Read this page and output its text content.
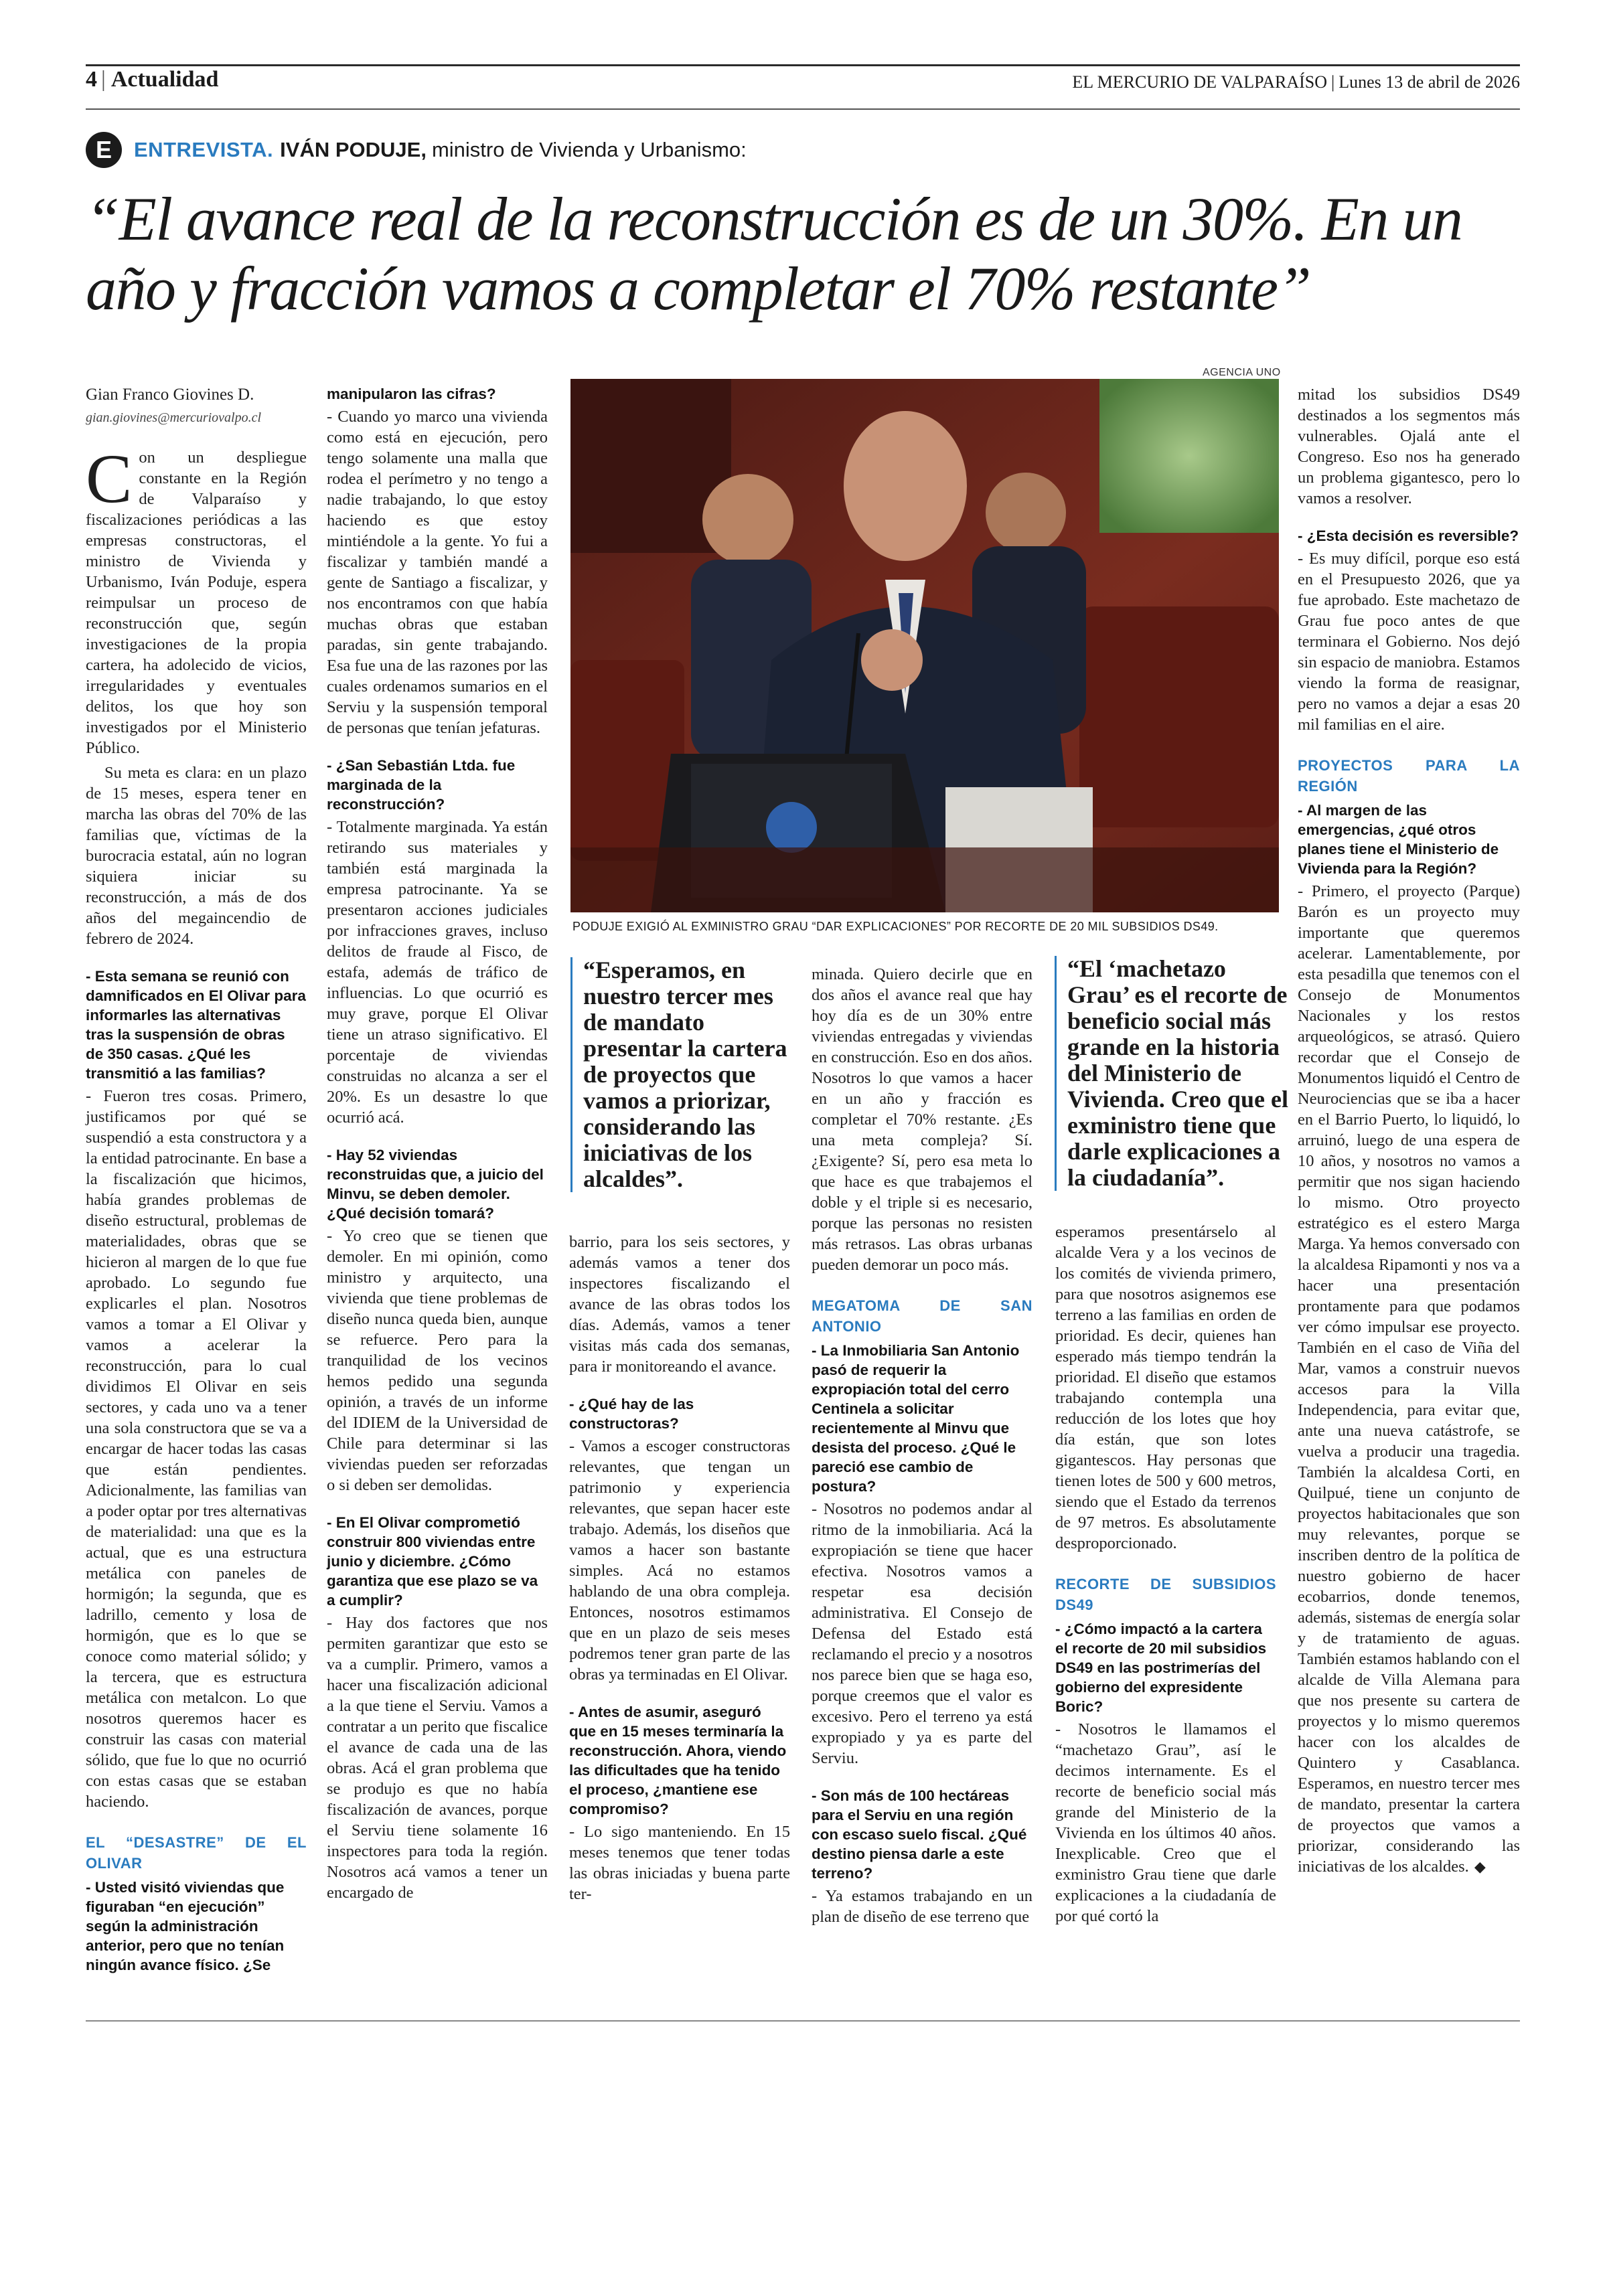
4 | Actualidad	EL MERCURIO DE VALPARAÍSO | Lunes 13 de abril de 2026
E	ENTREVISTA. IVÁN PODUJE, ministro de Vivienda y Urbanismo:
“El avance real de la reconstrucción es de un 30%. En un año y fracción vamos a completar el 70% restante”
Gian Franco Giovines D.
gian.giovines@mercuriovalpo.cl

Con un despliegue constante en la Región de Valparaíso y fiscalizaciones periódicas a las empresas constructoras, el ministro de Vivienda y Urbanismo, Iván Poduje, espera reimpulsar un proceso de reconstrucción que, según investigaciones de la propia cartera, ha adolecido de vicios, irregularidades y eventuales delitos, los que hoy son investigados por el Ministerio Público.

Su meta es clara: en un plazo de 15 meses, espera tener en marcha las obras del 70% de las familias que, víctimas de la burocracia estatal, aún no logran siquiera iniciar su reconstrucción, a más de dos años del megaincendio de febrero de 2024.

- Esta semana se reunió con damnificados en El Olivar para informarles las alternativas tras la suspensión de obras de 350 casas. ¿Qué les transmitió a las familias?

- Fueron tres cosas. Primero, justificamos por qué se suspendió a esta constructora y a la entidad patrocinante. En base a la fiscalización que hicimos, había grandes problemas de diseño estructural, problemas de materialidades, obras que se hicieron al margen de lo que fue aprobado. Lo segundo fue explicarles el plan. Nosotros vamos a tomar a El Olivar y vamos a acelerar la reconstrucción, para lo cual dividimos El Olivar en seis sectores, y cada uno va a tener una sola constructora que se va a encargar de hacer todas las casas que están pendientes. Adicionalmente, las familias van a poder optar por tres alternativas de materialidad: una que es la actual, que es una estructura metálica con paneles de hormigón; la segunda, que es ladrillo, cemento y losa de hormigón, que es lo que se conoce como material sólido; y la tercera, que es estructura metálica con metalcon. Lo que nosotros queremos hacer es construir las casas con material sólido, que fue lo que no ocurrió con estas casas que se estaban haciendo.

EL “DESASTRE” DE EL OLIVAR
- Usted visitó viviendas que figuraban “en ejecución” según la administración anterior, pero que no tenían ningún avance físico. ¿Se
manipularon las cifras?

- Cuando yo marco una vivienda como está en ejecución, pero tengo solamente una malla que rodea el perímetro y no tengo a nadie trabajando, lo que estoy haciendo es que estoy mintiéndole a la gente. Yo fui a fiscalizar y también mandé a gente de Santiago a fiscalizar, y nos encontramos con que había muchas obras que estaban paradas, sin gente trabajando. Esa fue una de las razones por las cuales ordenamos sumarios en el Serviu y la suspensión temporal de personas que tenían jefaturas.

- ¿San Sebastián Ltda. fue marginada de la reconstrucción?

- Totalmente marginada. Ya están retirando sus materiales y también está marginada la empresa patrocinante. Ya se presentaron acciones judiciales por infracciones graves, incluso delitos de fraude al Fisco, de estafa, además de tráfico de influencias. Lo que ocurrió es muy grave, porque El Olivar tiene un atraso significativo. El porcentaje de viviendas construidas no alcanza a ser el 20%. Es un desastre lo que ocurrió acá.

- Hay 52 viviendas reconstruidas que, a juicio del Minvu, se deben demoler. ¿Qué decisión tomará?

- Yo creo que se tienen que demoler. En mi opinión, como ministro y arquitecto, una vivienda que tiene problemas de diseño nunca queda bien, aunque se refuerce. Pero para la tranquilidad de los vecinos hemos pedido una segunda opinión, a través de un informe del IDIEM de la Universidad de Chile para determinar si las viviendas pueden ser reforzadas o si deben ser demolidas.

- En El Olivar comprometió construir 800 viviendas entre junio y diciembre. ¿Cómo garantiza que ese plazo se va a cumplir?

- Hay dos factores que nos permiten garantizar que esto se va a cumplir. Primero, vamos a hacer una fiscalización adicional a la que tiene el Serviu. Vamos a contratar a un perito que fiscalice el avance de cada una de las obras. Acá el gran problema que se produjo es que no había fiscalización de avances, porque el Serviu tiene solamente 16 inspectores para toda la región. Nosotros acá vamos a tener un encargado de

AGENCIA UNO
PODUJE EXIGIÓ AL EXMINISTRO GRAU “DAR EXPLICACIONES” POR RECORTE DE 20 MIL SUBSIDIOS DS49.
“Esperamos, en nuestro tercer mes de mandato presentar la cartera de proyectos que vamos a priorizar, considerando las iniciativas de los alcaldes”.
“El ‘machetazo Grau’ es el recorte de beneficio social más grande en la historia del Ministerio de Vivienda. Creo que el exministro tiene que darle explicaciones a la ciudadanía”.

barrio, para los seis sectores, y además vamos a tener dos inspectores fiscalizando el avance de las obras todos los días. Además, vamos a tener visitas más cada dos semanas, para ir monitoreando el avance.

- ¿Qué hay de las constructoras?

- Vamos a escoger constructoras relevantes, que tengan un patrimonio y experiencia relevantes, que sepan hacer este trabajo. Además, los diseños que vamos a hacer son bastante simples. Acá no estamos hablando de una obra compleja. Entonces, nosotros estimamos que en un plazo de seis meses podremos tener gran parte de las obras ya terminadas en El Olivar.

- Antes de asumir, aseguró que en 15 meses terminaría la reconstrucción. Ahora, viendo las dificultades que ha tenido el proceso, ¿mantiene ese compromiso?

- Lo sigo manteniendo. En 15 meses tenemos que tener todas las obras iniciadas y buena parte ter-

minada. Quiero decirle que en dos años el avance real que hay hoy día es de un 30% entre viviendas entregadas y viviendas en construcción. Eso en dos años. Nosotros lo que vamos a hacer en un año y fracción es completar el 70% restante. ¿Es una meta compleja? Sí. ¿Exigente? Sí, pero esa meta lo que hace es que trabajemos el doble y el triple si es necesario, porque las personas no resisten más retrasos. Las obras urbanas pueden demorar un poco más.

MEGATOMA DE SAN ANTONIO
- La Inmobiliaria San Antonio pasó de requerir la expropiación total del cerro Centinela a solicitar recientemente al Minvu que desista del proceso. ¿Qué le pareció ese cambio de postura?

- Nosotros no podemos andar al ritmo de la inmobiliaria. Acá la expropiación se tiene que hacer efectiva. Nosotros vamos a respetar esa decisión administrativa. El Consejo de Defensa del Estado está reclamando el precio y a nosotros nos parece bien que se haga eso, porque creemos que el valor es excesivo. Pero el terreno ya está expropiado y ya es parte del Serviu.

- Son más de 100 hectáreas para el Serviu en una región con escaso suelo fiscal. ¿Qué destino piensa darle a este terreno?

- Ya estamos trabajando en un plan de diseño de ese terreno que

esperamos presentárselo al alcalde Vera y a los vecinos de los comités de vivienda primero, para que nosotros asignemos ese terreno a las familias en orden de prioridad. Es decir, quienes han esperado más tiempo tendrán la prioridad. El diseño que estamos trabajando contempla una reducción de los lotes que hoy día están, que son lotes gigantescos. Hay personas que tienen lotes de 500 y 600 metros, siendo que el Estado da terrenos de 97 metros. Es absolutamente desproporcionado.

RECORTE DE SUBSIDIOS DS49
- ¿Cómo impactó a la cartera el recorte de 20 mil subsidios DS49 en las postrimerías del gobierno del expresidente Boric?

- Nosotros le llamamos el “machetazo Grau”, así le decimos internamente. Es el recorte de beneficio social más grande del Ministerio de la Vivienda en los últimos 40 años. Inexplicable. Creo que el exministro Grau tiene que darle explicaciones a la ciudadanía de por qué cortó la

mitad los subsidios DS49 destinados a los segmentos más vulnerables. Ojalá ante el Congreso. Eso nos ha generado un problema gigantesco, pero lo vamos a resolver.

- ¿Esta decisión es reversible?

- Es muy difícil, porque eso está en el Presupuesto 2026, que ya fue aprobado. Este machetazo de Grau fue poco antes de que terminara el Gobierno. Nos dejó sin espacio de maniobra. Estamos viendo la forma de reasignar, pero no vamos a dejar a esas 20 mil familias en el aire.

PROYECTOS PARA LA REGIÓN
- Al margen de las emergencias, ¿qué otros planes tiene el Ministerio de Vivienda para la Región?

- Primero, el proyecto (Parque) Barón es un proyecto muy importante que queremos acelerar. Lamentablemente, por esta pesadilla que tenemos con el Consejo de Monumentos Nacionales y los restos arqueológicos, se atrasó. Quiero recordar que el Consejo de Monumentos liquidó el Centro de Neurociencias que se iba a hacer en el Barrio Puerto, lo liquidó, lo arruinó, luego de una espera de 10 años, y nosotros no vamos a permitir que nos sigan haciendo lo mismo. Otro proyecto estratégico es el estero Marga Marga. Ya hemos conversado con la alcaldesa Ripamonti y nos va a hacer una presentación prontamente para que podamos ver cómo impulsar ese proyecto. También en el caso de Viña del Mar, vamos a construir nuevos accesos para la Villa Independencia, para evitar que, ante una nueva catástrofe, se vuelva a producir una tragedia. También la alcaldesa Corti, en Quilpué, tiene un conjunto de proyectos habitacionales que son muy relevantes, porque se inscriben dentro de la política de nuestro gobierno de hacer ecobarrios, donde tenemos, además, sistemas de energía solar y de tratamiento de aguas. También estamos hablando con el alcalde de Villa Alemana para que nos presente su cartera de proyectos y lo mismo queremos hacer con los alcaldes de Quintero y Casablanca. Esperamos, en nuestro tercer mes de mandato, presentar la cartera de proyectos que vamos a priorizar, considerando las iniciativas de los alcaldes. ◆
